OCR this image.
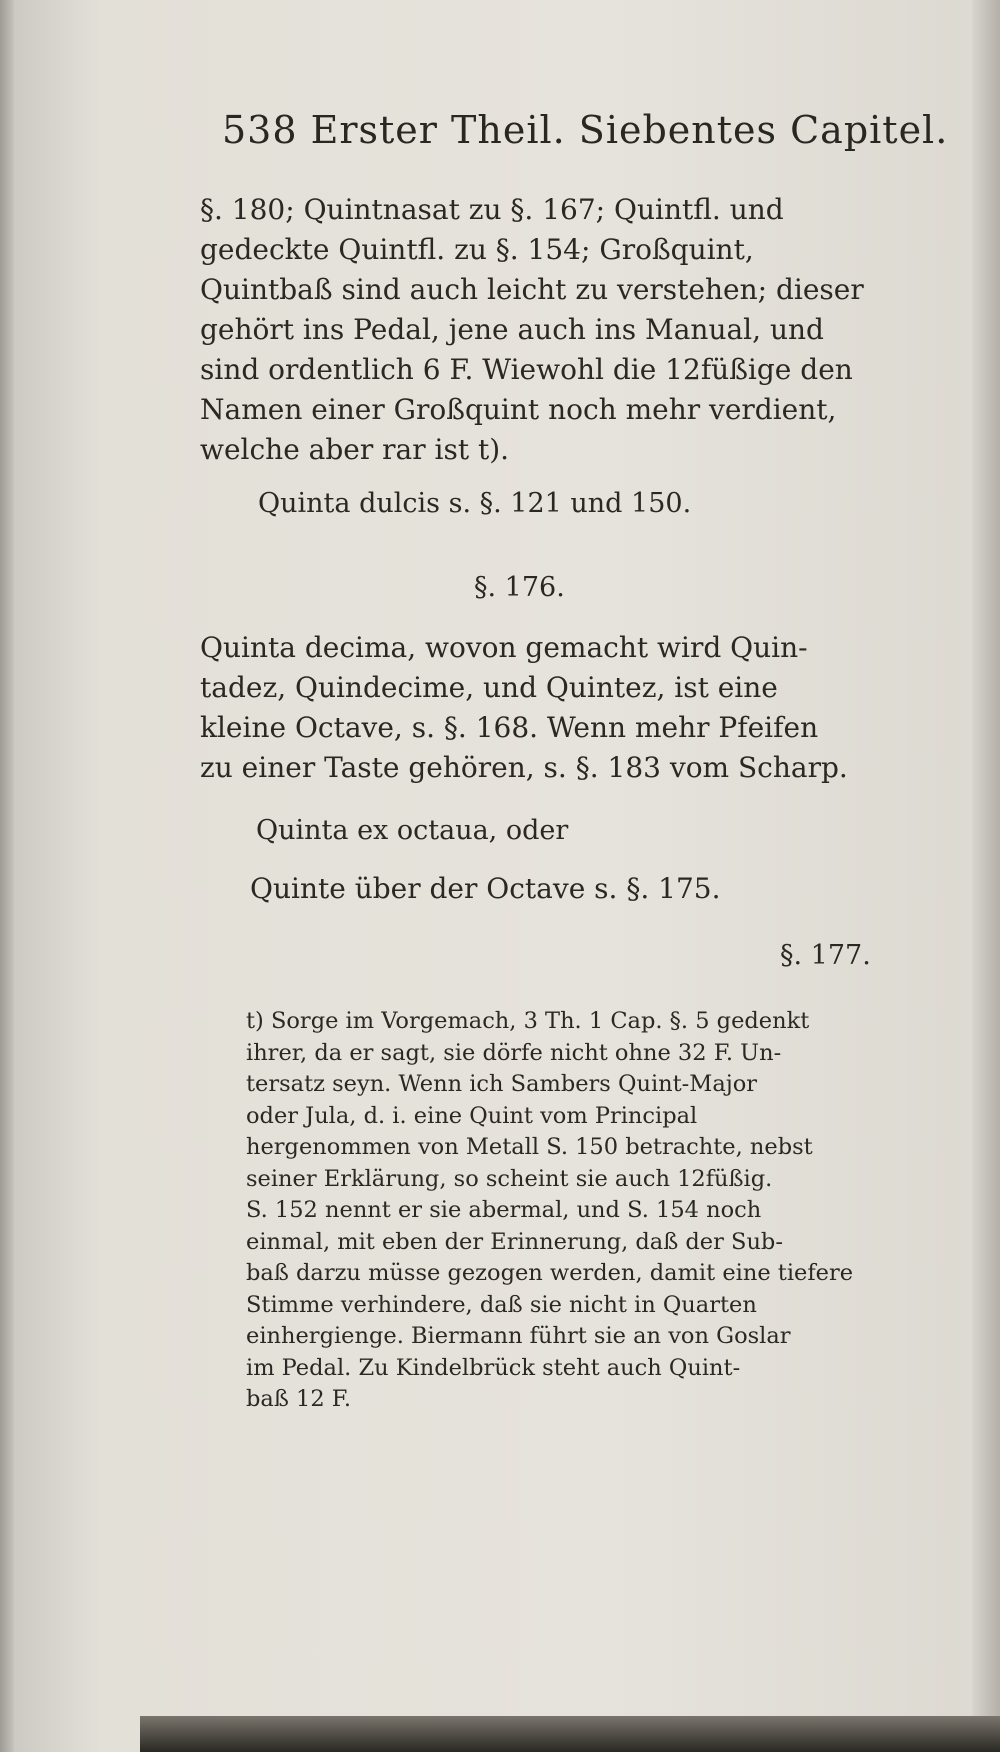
538 Erster Theil. Siebentes Capitel.

§. 180; Quintnasat zu §. 167; Quintfl. und
gedeckte Quintfl. zu §. 154; Großquint,
Quintbaß sind auch leicht zu verstehen; dieser
gehört ins Pedal, jene auch ins Manual, und
sind ordentlich 6 F. Wiewohl die 12füßige den
Namen einer Großquint noch mehr verdient,
welche aber rar ist t).

Quinta dulcis s. §. 121 und 150.
§. 176.

Quinta decima, wovon gemacht wird Quin-
tadez, Quindecime, und Quintez, ist eine
kleine Octave, s. §. 168. Wenn mehr Pfeifen
zu einer Taste gehören, s. §. 183 vom Scharp.

Quinta ex octaua, oder
Quinte über der Octave s. §. 175.
§. 177.

t) Sorge im Vorgemach, 3 Th. 1 Cap. §. 5 gedenkt
ihrer, da er sagt, sie dörfe nicht ohne 32 F. Un-
tersatz seyn. Wenn ich Sambers Quint-Major
oder Jula, d. i. eine Quint vom Principal
hergenommen von Metall S. 150 betrachte, nebst
seiner Erklärung, so scheint sie auch 12füßig.
S. 152 nennt er sie abermal, und S. 154 noch
einmal, mit eben der Erinnerung, daß der Sub-
baß darzu müsse gezogen werden, damit eine tiefere
Stimme verhindere, daß sie nicht in Quarten
einhergienge. Biermann führt sie an von Goslar
im Pedal. Zu Kindelbrück steht auch Quint-
baß 12 F.
